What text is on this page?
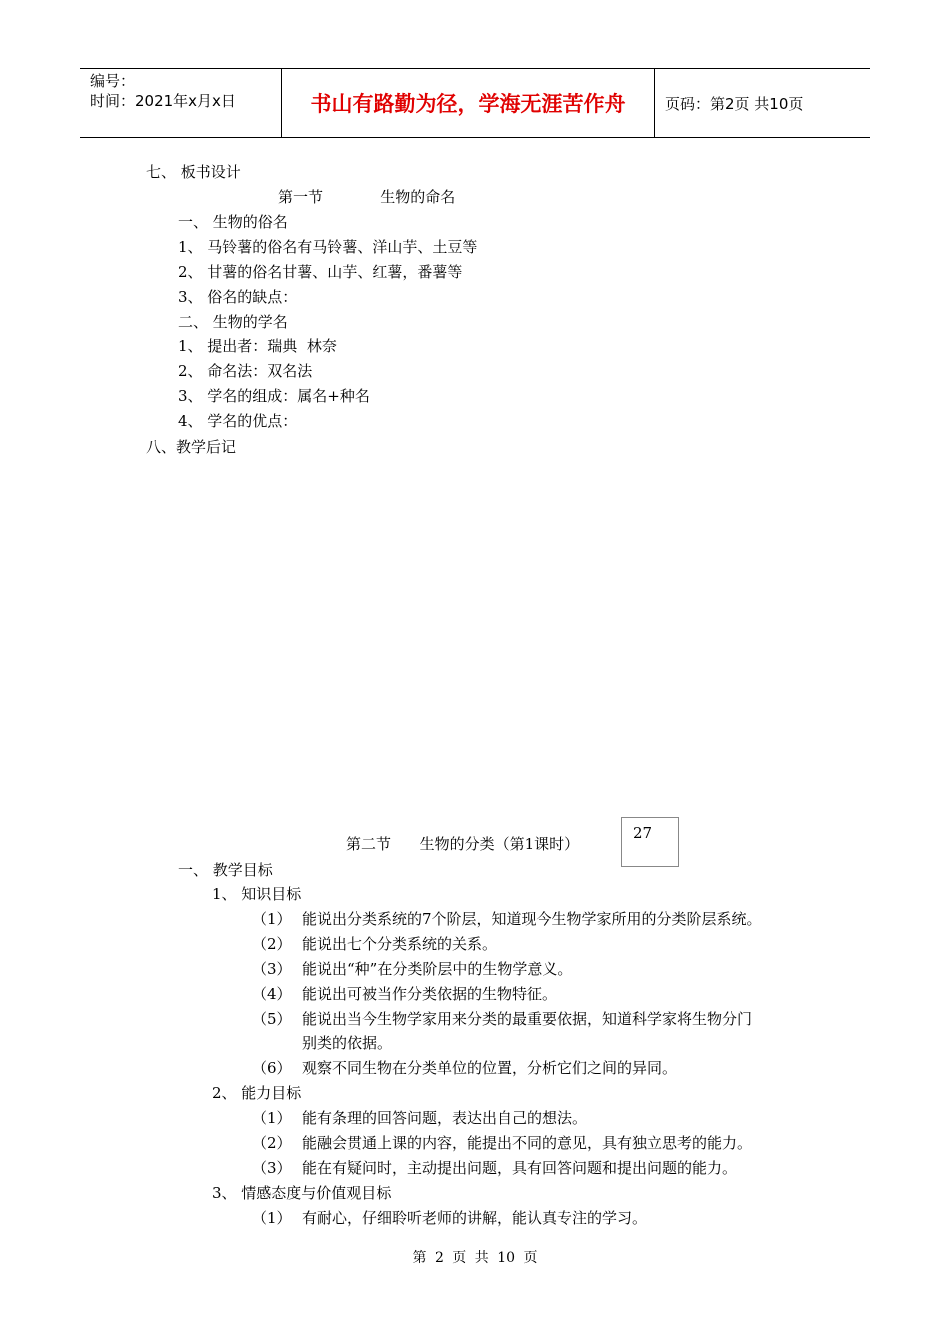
编号：
时间：2021年x月x日	书山有路勤为径，学海无涯苦作舟	页码：第2页 共10页
七、 板书设计
第一节            生物的命名
一、 生物的俗名
1、 马铃薯的俗名有马铃薯、洋山芋、土豆等
2、 甘薯的俗名甘薯、山芋、红薯，番薯等
3、 俗名的缺点：
二、 生物的学名
1、 提出者：瑞典  林奈
2、 命名法：双名法
3、 学名的组成：属名+种名
4、 学名的优点：
八、教学后记
第二节      生物的分类（第1课时）
27
一、 教学目标
1、 知识目标
（1） 能说出分类系统的7个阶层，知道现今生物学家所用的分类阶层系统。
（2） 能说出七个分类系统的关系。
（3） 能说出“种”在分类阶层中的生物学意义。
（4） 能说出可被当作分类依据的生物特征。
（5） 能说出当今生物学家用来分类的最重要依据，知道科学家将生物分门
别类的依据。
（6） 观察不同生物在分类单位的位置，分析它们之间的异同。
2、 能力目标
（1） 能有条理的回答问题，表达出自己的想法。
（2） 能融会贯通上课的内容，能提出不同的意见，具有独立思考的能力。
（3） 能在有疑问时，主动提出问题，具有回答问题和提出问题的能力。
3、 情感态度与价值观目标
（1） 有耐心，仔细聆听老师的讲解，能认真专注的学习。
第 2 页 共 10 页
